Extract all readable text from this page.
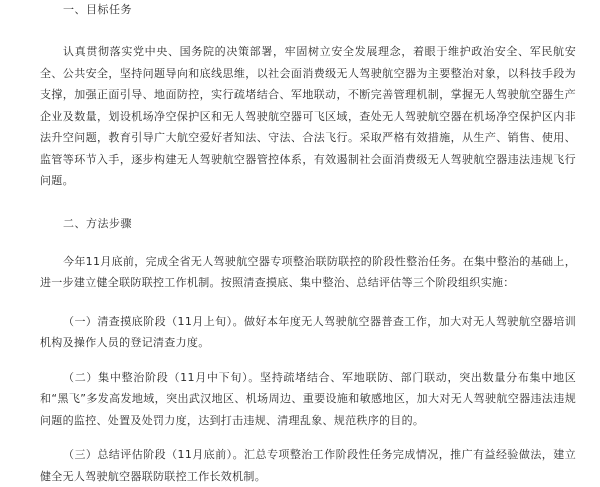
一、目标任务

认真贯彻落实党中央、国务院的决策部署，牢固树立安全发展理念，着眼于维护政治安全、军民航安全、公共安全，坚持问题导向和底线思维，以社会面消费级无人驾驶航空器为主要整治对象，以科技手段为支撑，加强正面引导、地面防控，实行疏堵结合、军地联动，不断完善管理机制，掌握无人驾驶航空器生产企业及数量，划设机场净空保护区和无人驾驶航空器可飞区域，查处无人驾驶航空器在机场净空保护区内非法升空问题，教育引导广大航空爱好者知法、守法、合法飞行。采取严格有效措施，从生产、销售、使用、监管等环节入手，逐步构建无人驾驶航空器管控体系，有效遏制社会面消费级无人驾驶航空器违法违规飞行问题。

二、方法步骤

今年11月底前，完成全省无人驾驶航空器专项整治联防联控的阶段性整治任务。在集中整治的基础上，进一步建立健全联防联控工作机制。按照清查摸底、集中整治、总结评估等三个阶段组织实施：

（一）清查摸底阶段（11月上旬）。做好本年度无人驾驶航空器普查工作，加大对无人驾驶航空器培训机构及操作人员的登记清查力度。

（二）集中整治阶段（11月中下旬）。坚持疏堵结合、军地联防、部门联动，突出数量分布集中地区和“黑飞”多发高发地域，突出武汉地区、机场周边、重要设施和敏感地区，加大对无人驾驶航空器违法违规问题的监控、处置及处罚力度，达到打击违规、清理乱象、规范秩序的目的。

（三）总结评估阶段（11月底前）。汇总专项整治工作阶段性任务完成情况，推广有益经验做法，建立健全无人驾驶航空器联防联控工作长效机制。
